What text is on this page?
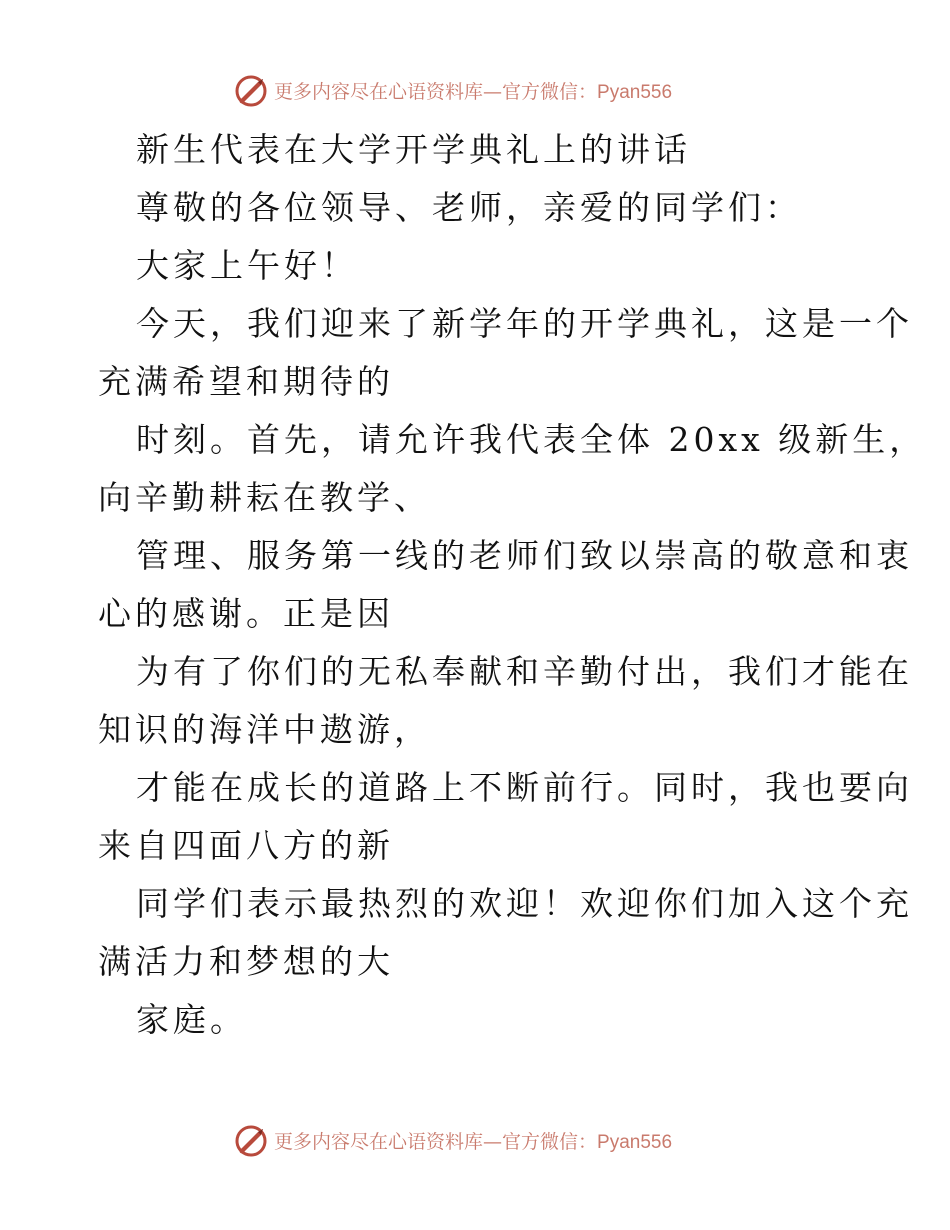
更多内容尽在心语资料库—官方微信：Pyan556
新生代表在大学开学典礼上的讲话
尊敬的各位领导、老师，亲爱的同学们：
大家上午好！
今天，我们迎来了新学年的开学典礼，这是一个
充满希望和期待的
时刻。首先，请允许我代表全体 20xx 级新生，
向辛勤耕耘在教学、
管理、服务第一线的老师们致以崇高的敬意和衷
心的感谢。正是因
为有了你们的无私奉献和辛勤付出，我们才能在
知识的海洋中遨游，
才能在成长的道路上不断前行。同时，我也要向
来自四面八方的新
同学们表示最热烈的欢迎！欢迎你们加入这个充
满活力和梦想的大
家庭。
更多内容尽在心语资料库—官方微信：Pyan556
